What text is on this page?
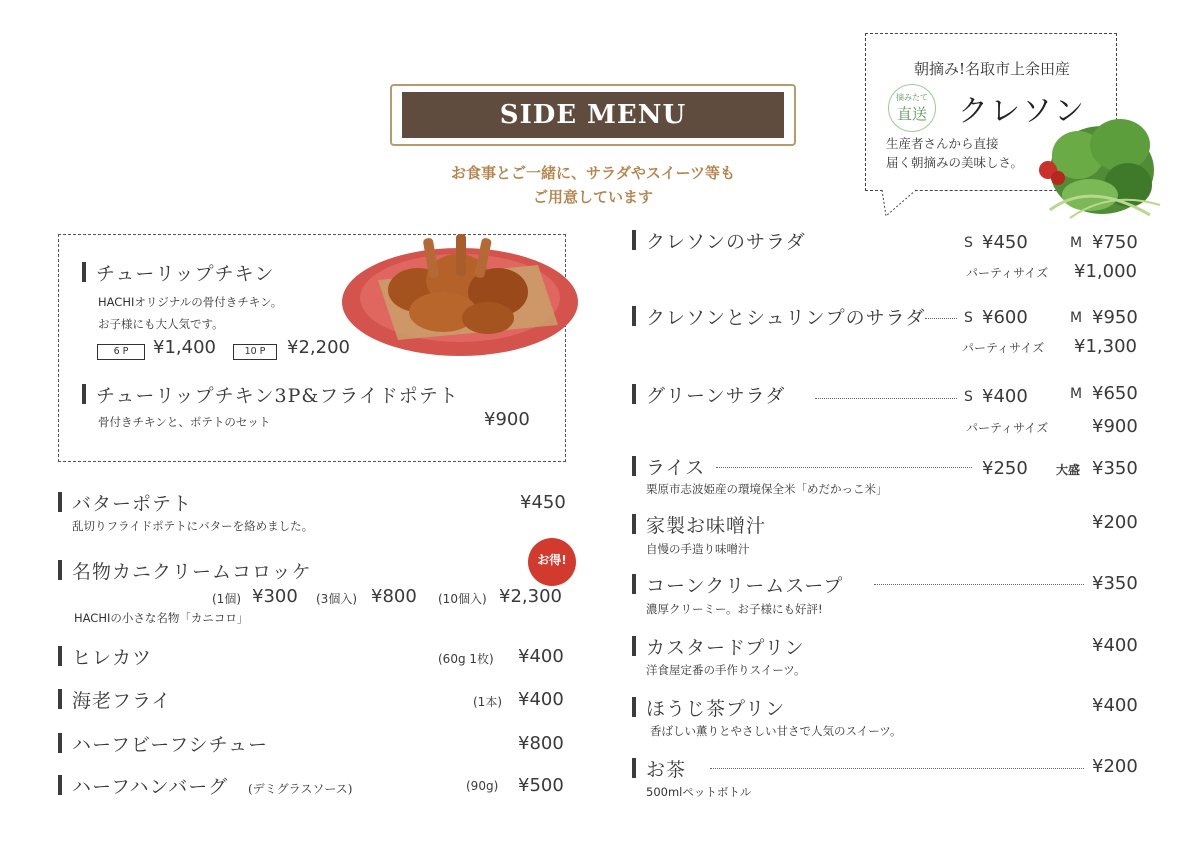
SIDE MENU
お食事とご一緒に、サラダやスイーツ等も
ご用意しています
朝摘み!名取市上余田産
摘みたて
直送 クレソン
生産者さんから直接
届く朝摘みの美味しさ。
チューリップチキン
HACHIオリジナルの骨付きチキン。
お子様にも大人気です。
6 P	¥1,400	10 P	¥2,200
チューリップチキン3P&フライドポテト
骨付きチキンと、ポテトのセット	¥900
バターポテト
乱切りフライドポテトにバターを絡めました。
¥450
名物カニクリームコロッケ
お得!
(1個) ¥300 (3個入) ¥800 (10個入) ¥2,300
HACHIの小さな名物「カニコロ」
ヒレカツ	(60g 1枚) ¥400
海老フライ	(1本) ¥400
ハーフビーフシチュー	¥800
ハーフハンバーグ (デミグラスソース)	(90g) ¥500
クレソンのサラダ	S ¥450	M ¥750
パーティサイズ ¥1,000
クレソンとシュリンプのサラダ	S ¥600	M ¥950
パーティサイズ ¥1,300
グリーンサラダ	S ¥400	M ¥650
パーティサイズ ¥900
ライス	¥250 大盛 ¥350
栗原市志波姫産の環境保全米「めだかっこ米」
家製お味噌汁	¥200
自慢の手造り味噌汁
コーンクリームスープ	¥350
濃厚クリーミー。お子様にも好評!
カスタードプリン	¥400
洋食屋定番の手作りスイーツ。
ほうじ茶プリン	¥400
香ばしい薫りとやさしい甘さで人気のスイーツ。
お茶	¥200
500mlペットボトル
